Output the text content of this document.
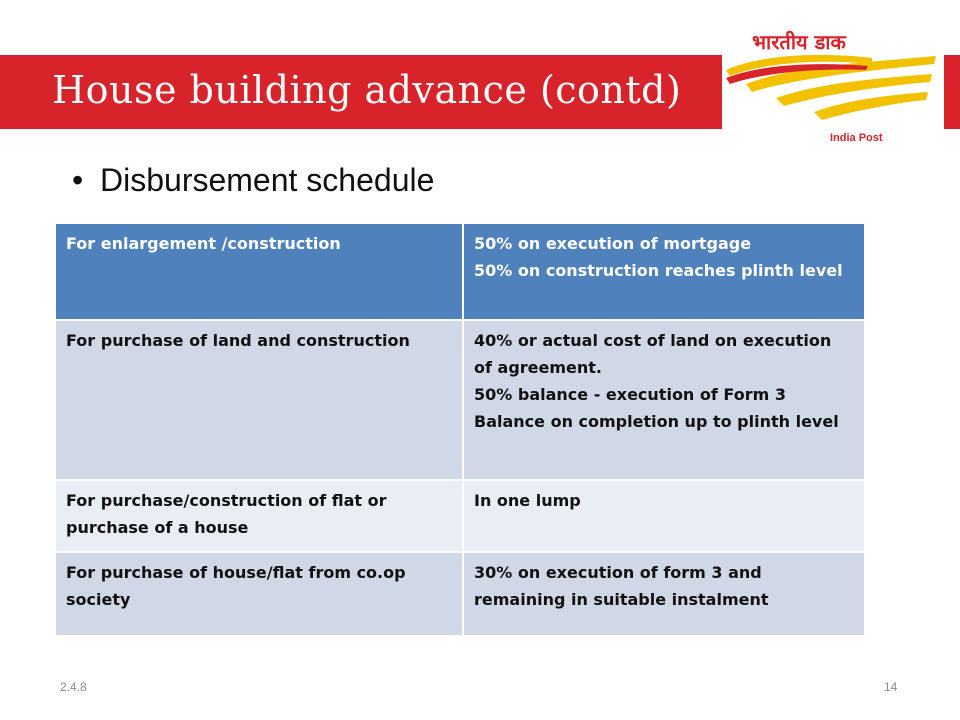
House building advance (contd)
भारतीय डाक
India Post
• Disbursement schedule
For enlargement /construction	50% on execution of mortgage
50% on construction reaches plinth level

For purchase of land and construction	40% or actual cost of land on execution of agreement.
50% balance - execution of Form 3
Balance on completion up to plinth level

For purchase/construction of flat or purchase of a house	In one lump

For purchase of house/flat from co.op society	30% on execution of form 3 and remaining in suitable instalment
2.4.8	14
